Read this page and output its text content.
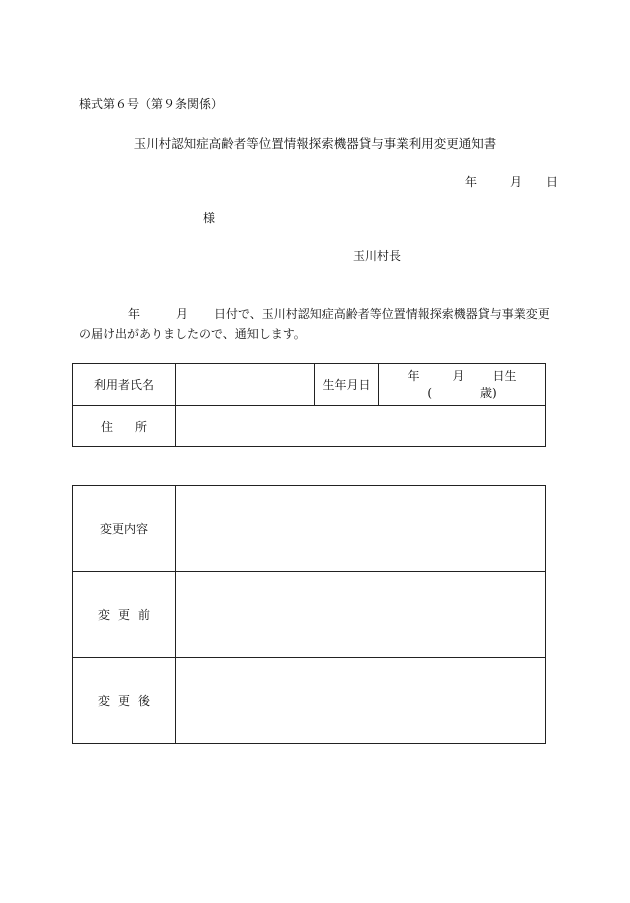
様式第６号（第９条関係）
玉川村認知症高齢者等位置情報探索機器貸与事業利用変更通知書
年	月 日
様
玉川村長
年	月 日付で、玉川村認知症高齢者等位置情報探索機器貸与事業変更
の届け出がありましたので、通知します。
利用者氏名		生年月日	年 月 日生
( 歳)

住 所			
変更内容	
変 更 前	
変 更 後	
